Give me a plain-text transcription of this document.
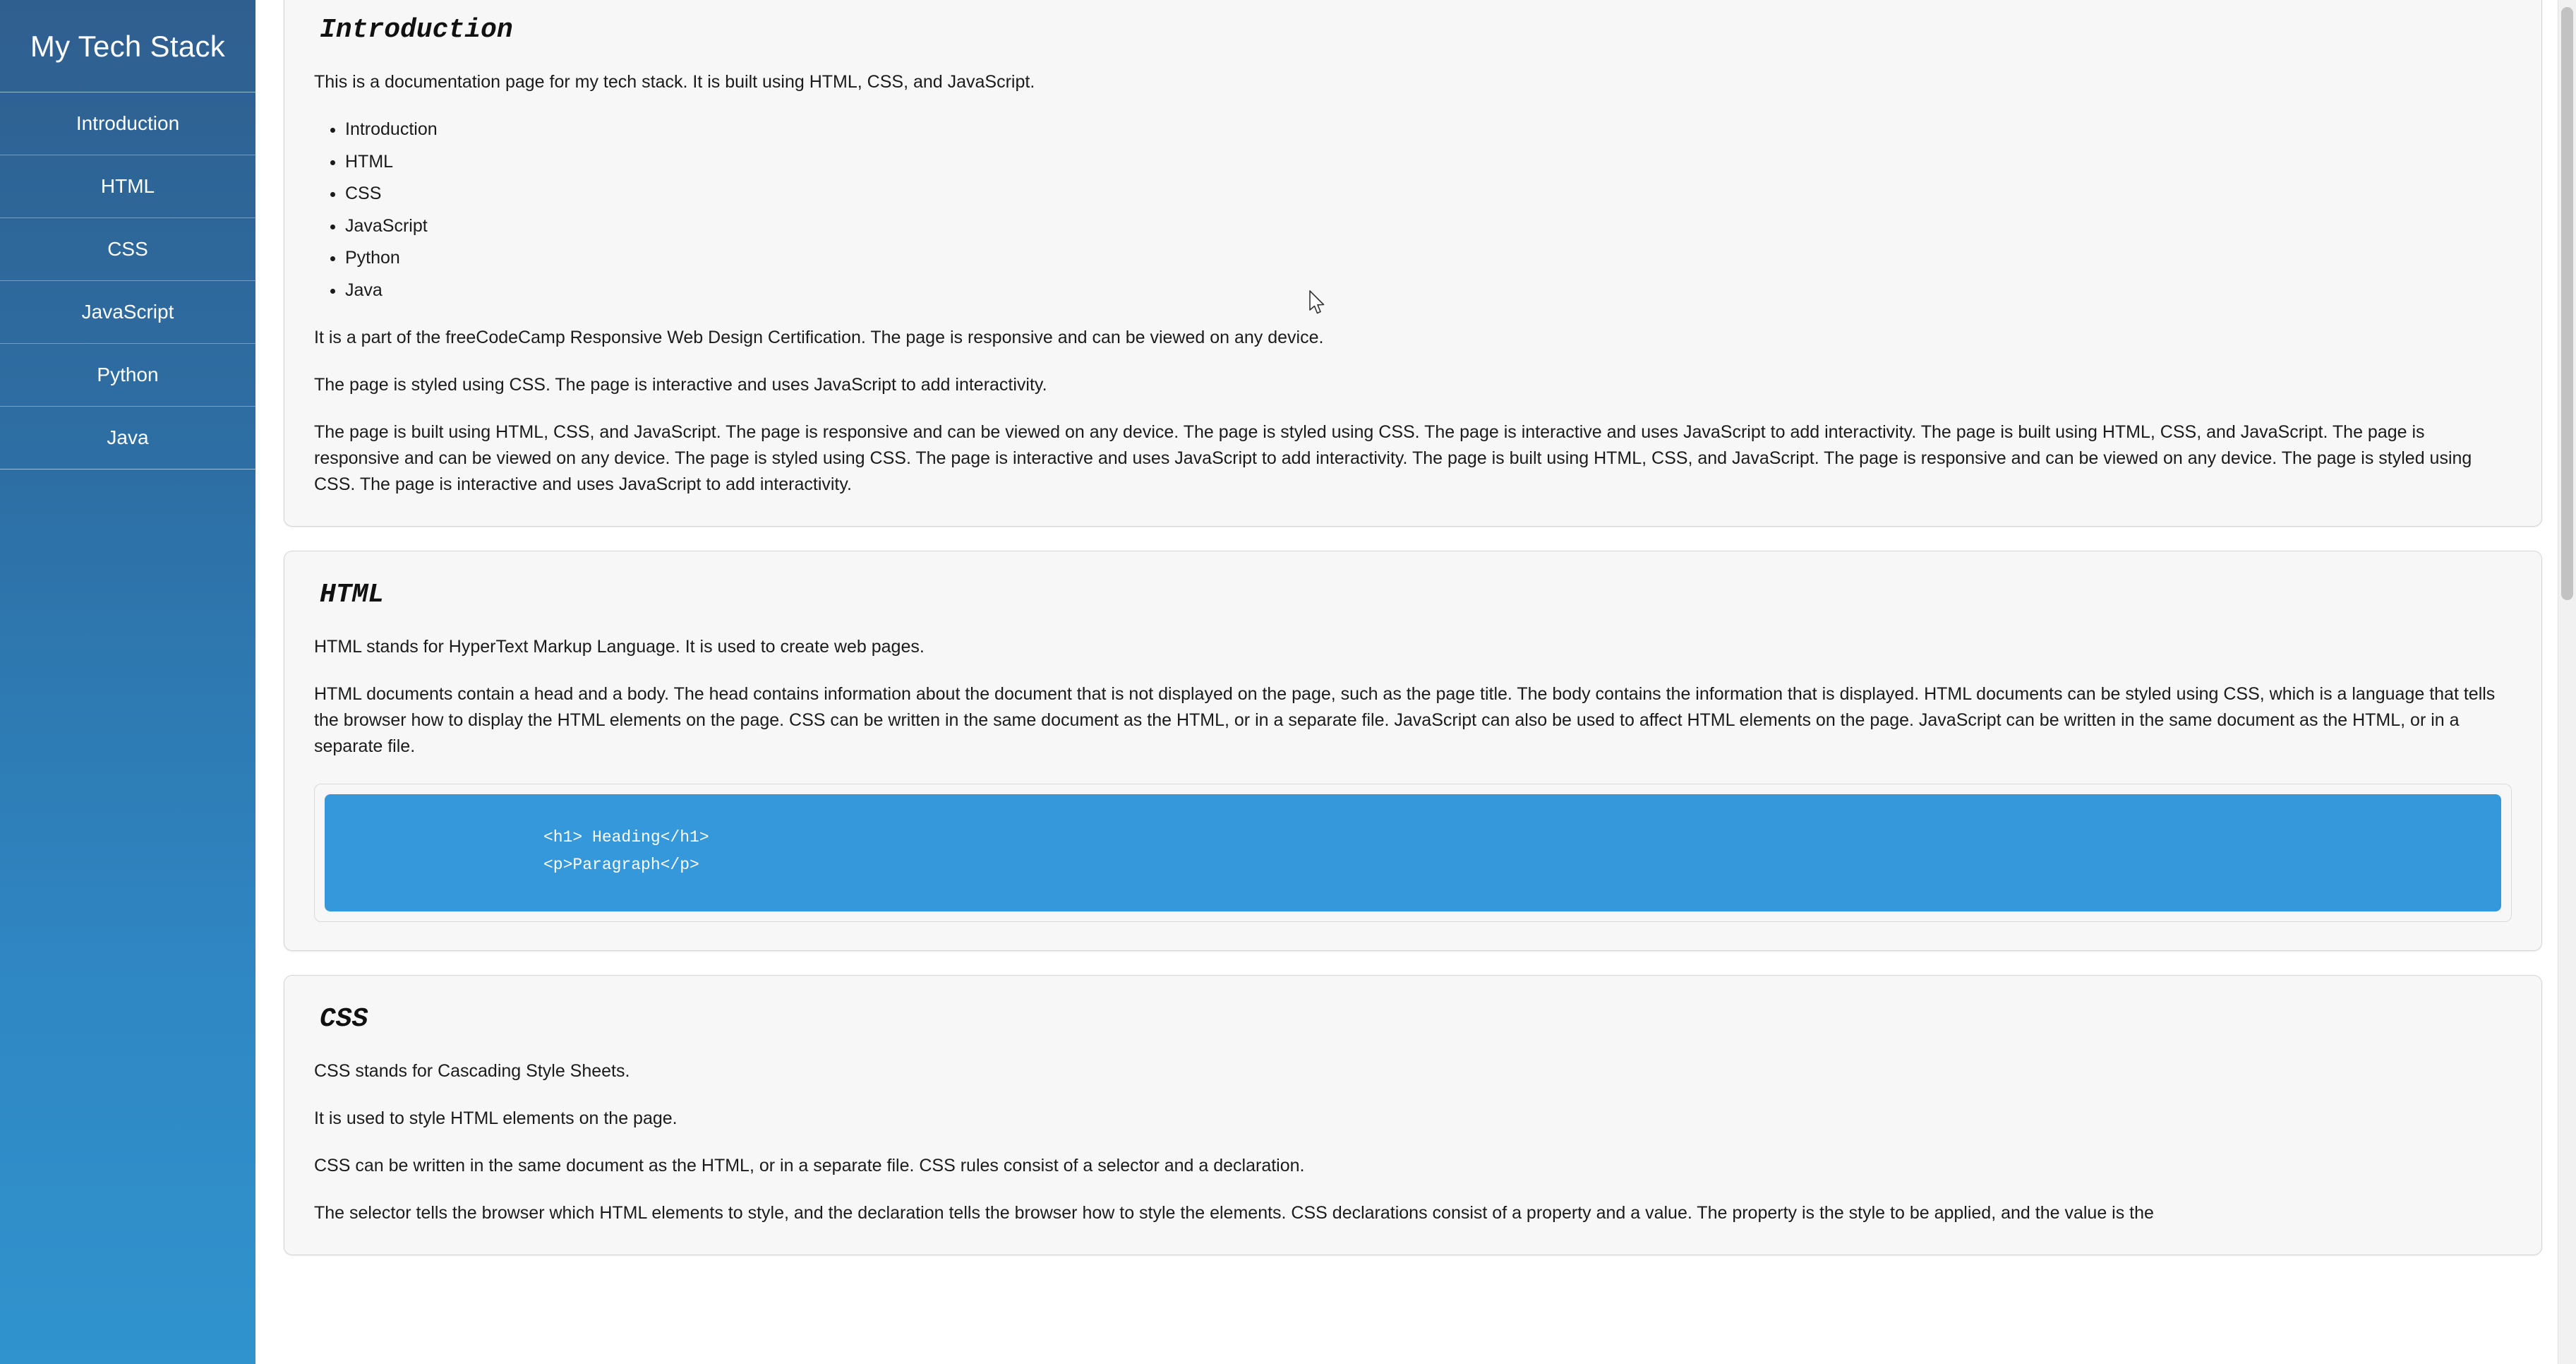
My Tech Stack
Introduction
HTML
CSS
JavaScript
Python
Java
Introduction

This is a documentation page for my tech stack. It is built using HTML, CSS, and JavaScript.

• Introduction
• HTML
• CSS
• JavaScript
• Python
• Java

It is a part of the freeCodeCamp Responsive Web Design Certification. The page is responsive and can be viewed on any device.

The page is styled using CSS. The page is interactive and uses JavaScript to add interactivity.

The page is built using HTML, CSS, and JavaScript. The page is responsive and can be viewed on any device. The page is styled using CSS. The page is interactive and uses JavaScript to add interactivity. The page is built using HTML, CSS, and JavaScript. The page is responsive and can be viewed on any device. The page is styled using CSS. The page is interactive and uses JavaScript to add interactivity. The page is built using HTML, CSS, and JavaScript. The page is responsive and can be viewed on any device. The page is styled using CSS. The page is interactive and uses JavaScript to add interactivity.

HTML

HTML stands for HyperText Markup Language. It is used to create web pages.

HTML documents contain a head and a body. The head contains information about the document that is not displayed on the page, such as the page title. The body contains the information that is displayed. HTML documents can be styled using CSS, which is a language that tells the browser how to display the HTML elements on the page. CSS can be written in the same document as the HTML, or in a separate file. JavaScript can also be used to affect HTML elements on the page. JavaScript can be written in the same document as the HTML, or in a separate file.

<h1> Heading</h1>
<p>Paragraph</p>
CSS

CSS stands for Cascading Style Sheets.

It is used to style HTML elements on the page.

CSS can be written in the same document as the HTML, or in a separate file. CSS rules consist of a selector and a declaration.

The selector tells the browser which HTML elements to style, and the declaration tells the browser how to style the elements. CSS declarations consist of a property and a value. The property is the style to be applied, and the value is the
